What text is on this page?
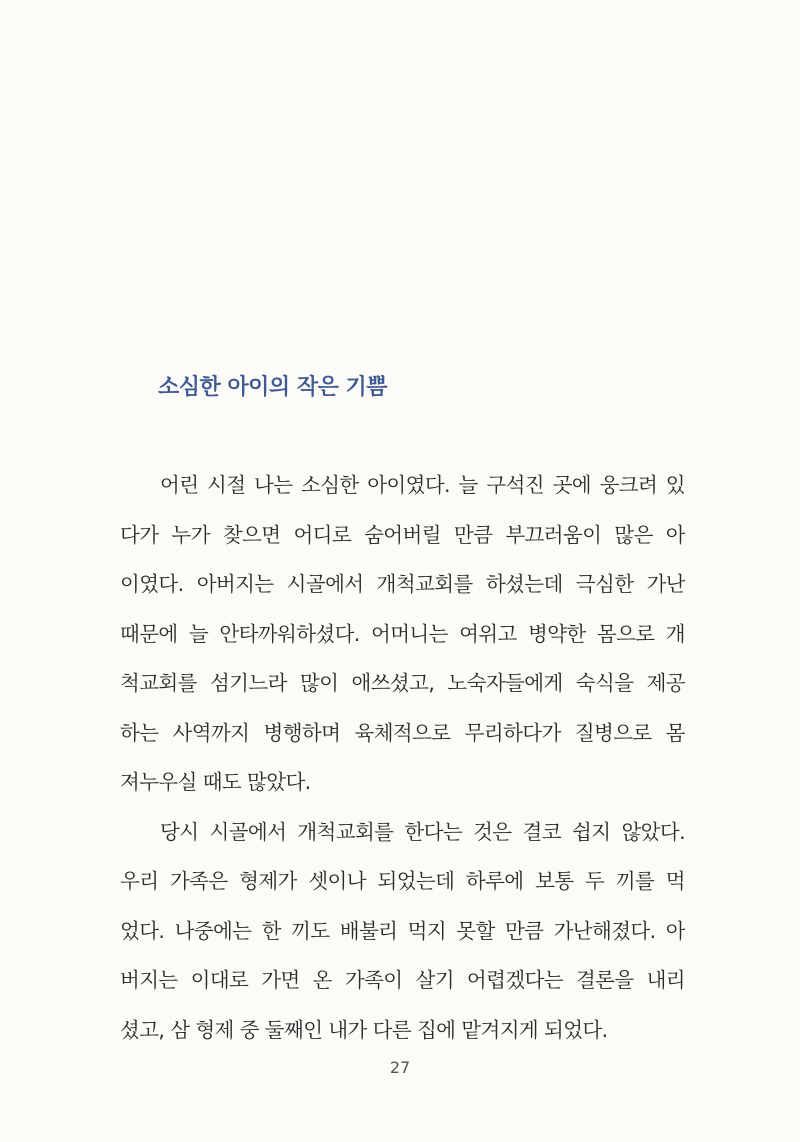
소심한 아이의 작은 기쁨
어린 시절 나는 소심한 아이였다. 늘 구석진 곳에 웅크려 있
다가 누가 찾으면 어디로 숨어버릴 만큼 부끄러움이 많은 아
이였다. 아버지는 시골에서 개척교회를 하셨는데 극심한 가난
때문에 늘 안타까워하셨다. 어머니는 여위고 병약한 몸으로 개
척교회를 섬기느라 많이 애쓰셨고, 노숙자들에게 숙식을 제공
하는 사역까지 병행하며 육체적으로 무리하다가 질병으로 몸
져누우실 때도 많았다.
당시 시골에서 개척교회를 한다는 것은 결코 쉽지 않았다.
우리 가족은 형제가 셋이나 되었는데 하루에 보통 두 끼를 먹
었다. 나중에는 한 끼도 배불리 먹지 못할 만큼 가난해졌다. 아
버지는 이대로 가면 온 가족이 살기 어렵겠다는 결론을 내리
셨고, 삼 형제 중 둘째인 내가 다른 집에 맡겨지게 되었다.
27
